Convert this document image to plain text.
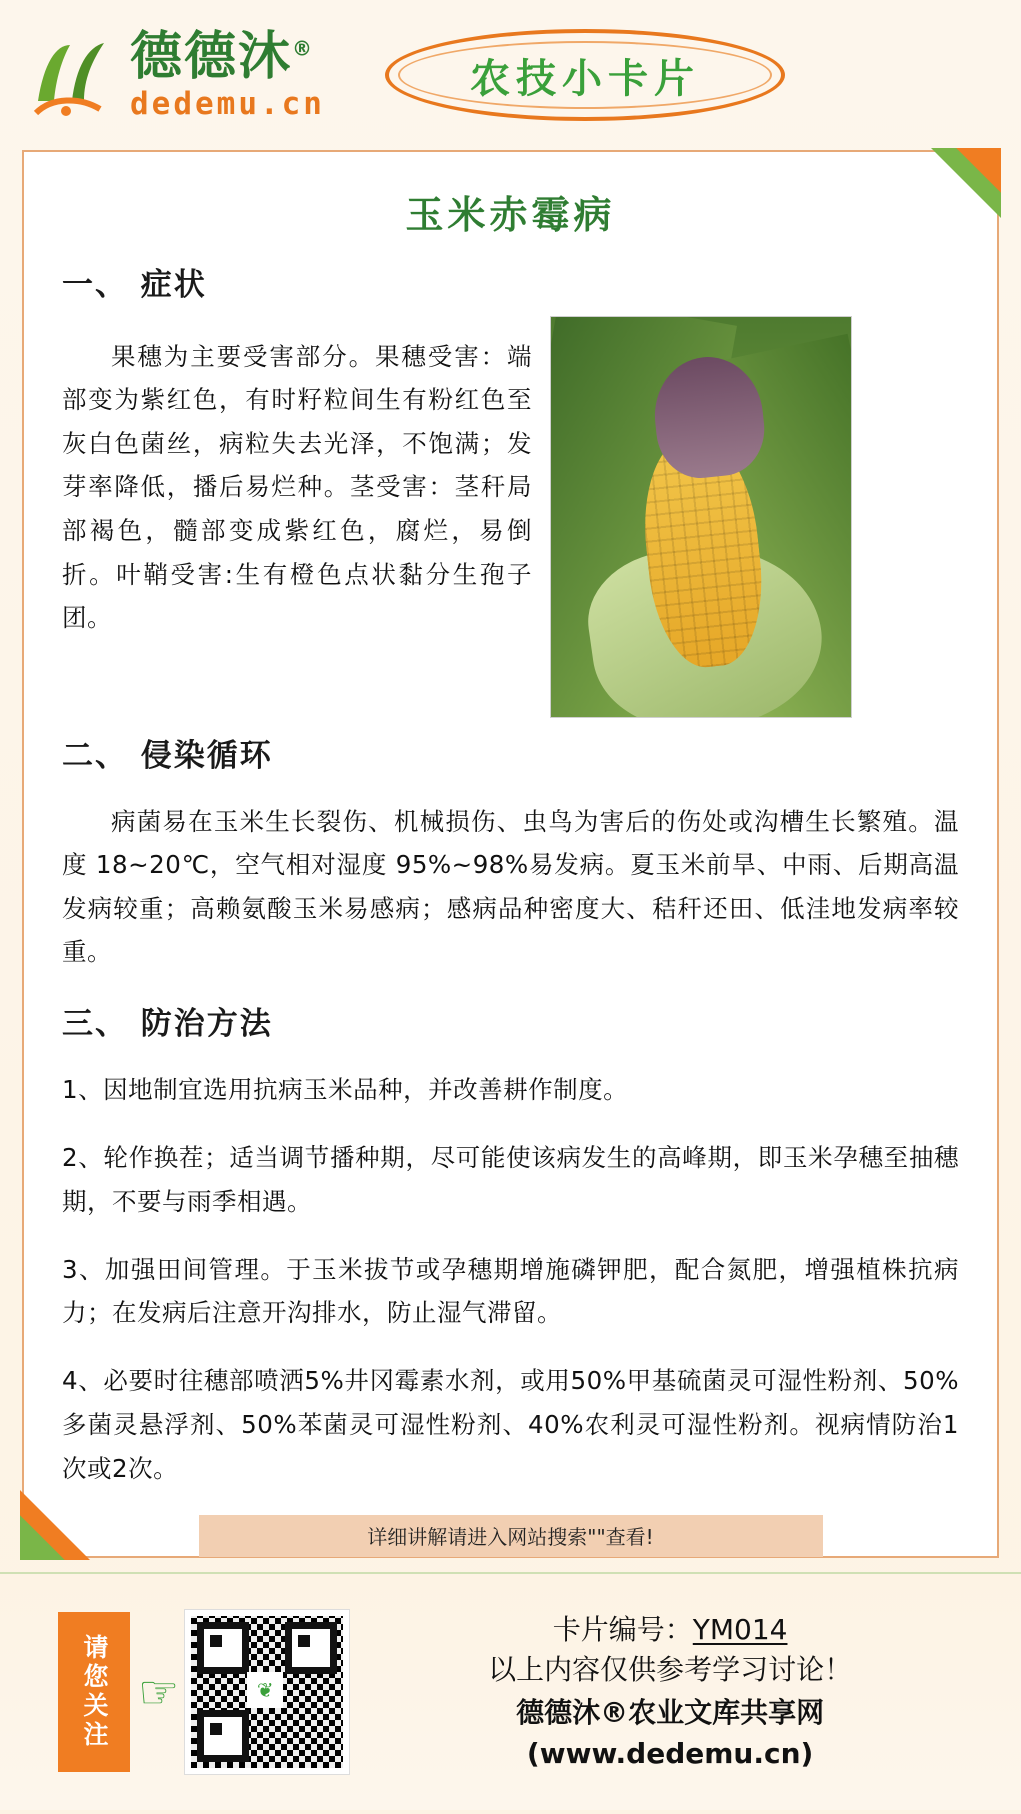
德德沐®
dedemu.cn
农技小卡片
玉米赤霉病
一、 症状

果穗为主要受害部分。果穗受害：端部变为紫红色，有时籽粒间生有粉红色至灰白色菌丝，病粒失去光泽，不饱满；发芽率降低，播后易烂种。茎受害：茎秆局部褐色，髓部变成紫红色，腐烂，易倒折。叶鞘受害:生有橙色点状黏分生孢子团。

二、 侵染循环

病菌易在玉米生长裂伤、机械损伤、虫鸟为害后的伤处或沟槽生长繁殖。温度 18~20℃，空气相对湿度 95%~98%易发病。夏玉米前旱、中雨、后期高温发病较重；高赖氨酸玉米易感病；感病品种密度大、秸秆还田、低洼地发病率较重。

三、 防治方法

1、因地制宜选用抗病玉米品种，并改善耕作制度。

2、轮作换茬；适当调节播种期，尽可能使该病发生的高峰期，即玉米孕穗至抽穗期，不要与雨季相遇。

3、加强田间管理。于玉米拔节或孕穗期增施磷钾肥，配合氮肥，增强植株抗病力；在发病后注意开沟排水，防止湿气滞留。

4、必要时往穗部喷洒5%井冈霉素水剂，或用50%甲基硫菌灵可湿性粉剂、50%多菌灵悬浮剂、50%苯菌灵可湿性粉剂、40%农利灵可湿性粉剂。视病情防治1次或2次。

详细讲解请进入网站搜索""查看!
请您关注 ☞	❦
卡片编号：YM014
以上内容仅供参考学习讨论！
德德沐®农业文库共享网
(www.dedemu.cn)
